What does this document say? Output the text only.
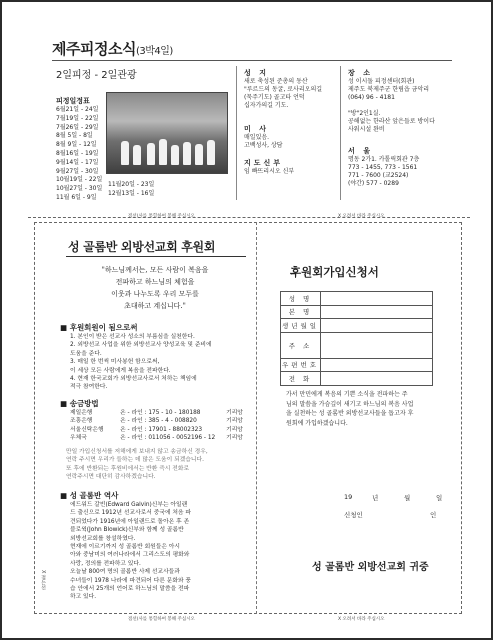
제주피정소식(3박4일)
2일피정 - 2일관광
피정일정표
6월21일 - 24일
7월19일 - 22일
7월26일 - 29일
8월 5일 - 8일
8월 9일 - 12일
8월16일 - 19일
9월14일 - 17일
9월27일 - 30일
10월19일 - 22일
10월27일 - 30일
11월 6일 - 9일
11월20일 - 23일
12월13일 - 16일
성 지
새로 축성된 준총의 동산
"루르드의 동굴, 로사리오의길
(묵주기도) 골고타 언덕
십자가의길 기도.
미 사
매일있음.
고백성사, 상담
지도신부
임 빠뜨리시오 신부
장 소
성 이시돌 피정센터(회관)
제주도 북제주군 한림읍 금악리
(064) 96 - 4181

"방"2인1실.
공해없는 한라산 앞은들로 방이다
사워시설 완비
서 울
명동 2가1. 카톨릭회관 7층
773 - 1455, 773 - 1561
771 - 7600 (교2524)
(야간) 577 - 0289
점선(사를 통힐하여 봉해 주십시오	X 오려서 바라 주십시오
점선(사를 통힐하여 봉해 주십시오	X 오려서 바라 주십시오
X 접는선
성 골롬반 외방선교회 후원회
"하느님께서는, 모든 사람이 복음을
전파하고 하느님의 체험을
이웃과 나누도록 우리 모두를
초대하고 계십니다."
■ 후원회원이 됨으로써
1. 본인이 받은 선교사 성소의 부름심을 실천한다.
2. 외방선교 사업을 위한 외방선교사 양성교육 및 준비에
도움을 준다.
3. 매일 한 번씩 미사봉헌 함으로써,
이 세상 모든 사람에게 복음을 전파한다.
4. 현재 한국교회가 외방선교사로서 처하는 책임에
적극 참여한다.
■ 송금방법
제일은행	온 - 라인 : 175 - 10 - 180188	기리암
조흥은행	온 - 라인 : 385 - 4 - 008820	기리암
서울신탁은행	온 - 라인 : 17901 - 88002323	기리암
우체국	온 - 라인 : 011056 - 0052196 - 12	기리암
만일 가입신청서를 저해에게 보내지 않고 송금하신 경우,
연락 주시면 우리가 들하는 데 많은 도움이 되겠습니다.
또 후에 반환되는 후원비에서는 반환 즉시 전화로
연락주시면 대단히 감사하겠습니다.
■ 성 골롬반 역사
에드워드 갈빈(Edward Galvin)신부는 아일랜
드 출신으로 1912년 선교사로서 중국에 처음 파
견되었다가 1916년에 아일랜드로 돌아온 후 존
블로윅(John Blowick)신부와 함께 성 골롬반
외방선교회를 창설하였다.
현재에 이르기까지 성 골롬반 회원들은 아시
아와 중남미의 여러나라에서 그리스도의 평화와
사랑, 정의를 전파하고 있다.
오늘날 800여 명의 골롬반 사제 선교사들과
수녀들이 1978 나라에 파견되어 다른 문화와 풍
습 안에서 25개의 언어로 하느님의 말씀을 전파
하고 있다.
후원회가입신청서
성 명	
본 명	
생년월일	
주 소	
우편번호	
전 화	
가서 만민에게 복음의 기쁜 소식을 전파하는 주
님의 말씀을 가슴깊이 새기고 하느님의 복음 사업
을 실천하는 성 골롬반 외방선교사들을 돕고자 후
원회에 가입하겠습니다.
19	년	월	일
신청인	인
성 골롬반 외방선교회 귀중
